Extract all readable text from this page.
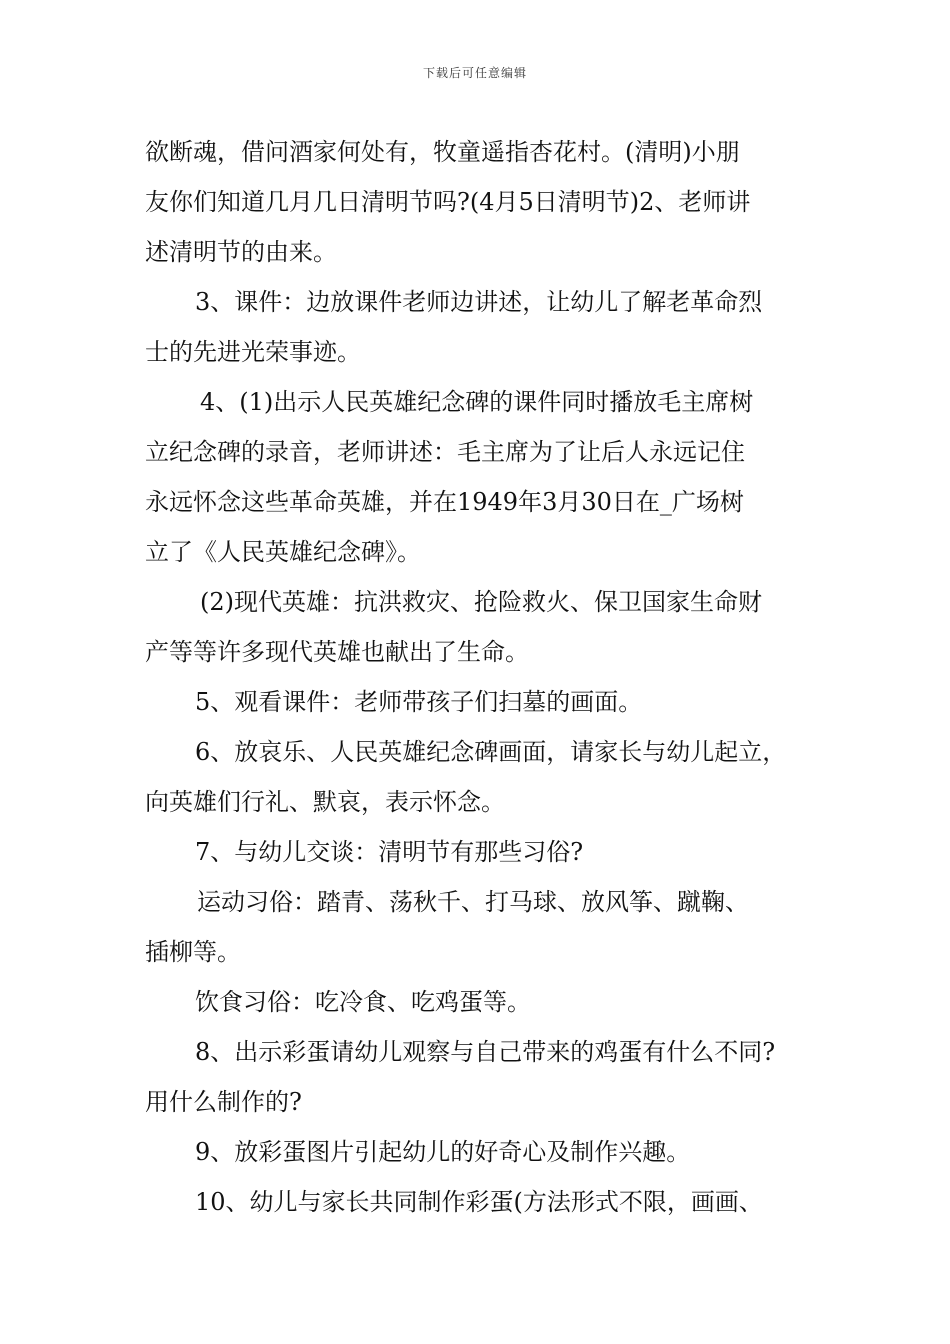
下载后可任意编辑
欲断魂，借问酒家何处有，牧童遥指杏花村。(清明)小朋
友你们知道几月几日清明节吗?(4月5日清明节)2、老师讲
述清明节的由来。
3、课件：边放课件老师边讲述，让幼儿了解老革命烈
士的先进光荣事迹。
4、(1)出示人民英雄纪念碑的课件同时播放毛主席树
立纪念碑的录音，老师讲述：毛主席为了让后人永远记住
永远怀念这些革命英雄，并在1949年3月30日在_广场树
立了《人民英雄纪念碑》。
(2)现代英雄：抗洪救灾、抢险救火、保卫国家生命财
产等等许多现代英雄也献出了生命。
5、观看课件：老师带孩子们扫墓的画面。
6、放哀乐、人民英雄纪念碑画面，请家长与幼儿起立，
向英雄们行礼、默哀，表示怀念。
7、与幼儿交谈：清明节有那些习俗?
运动习俗：踏青、荡秋千、打马球、放风筝、蹴鞠、
插柳等。
饮食习俗：吃冷食、吃鸡蛋等。
8、出示彩蛋请幼儿观察与自己带来的鸡蛋有什么不同?
用什么制作的?
9、放彩蛋图片引起幼儿的好奇心及制作兴趣。
10、幼儿与家长共同制作彩蛋(方法形式不限，画画、
